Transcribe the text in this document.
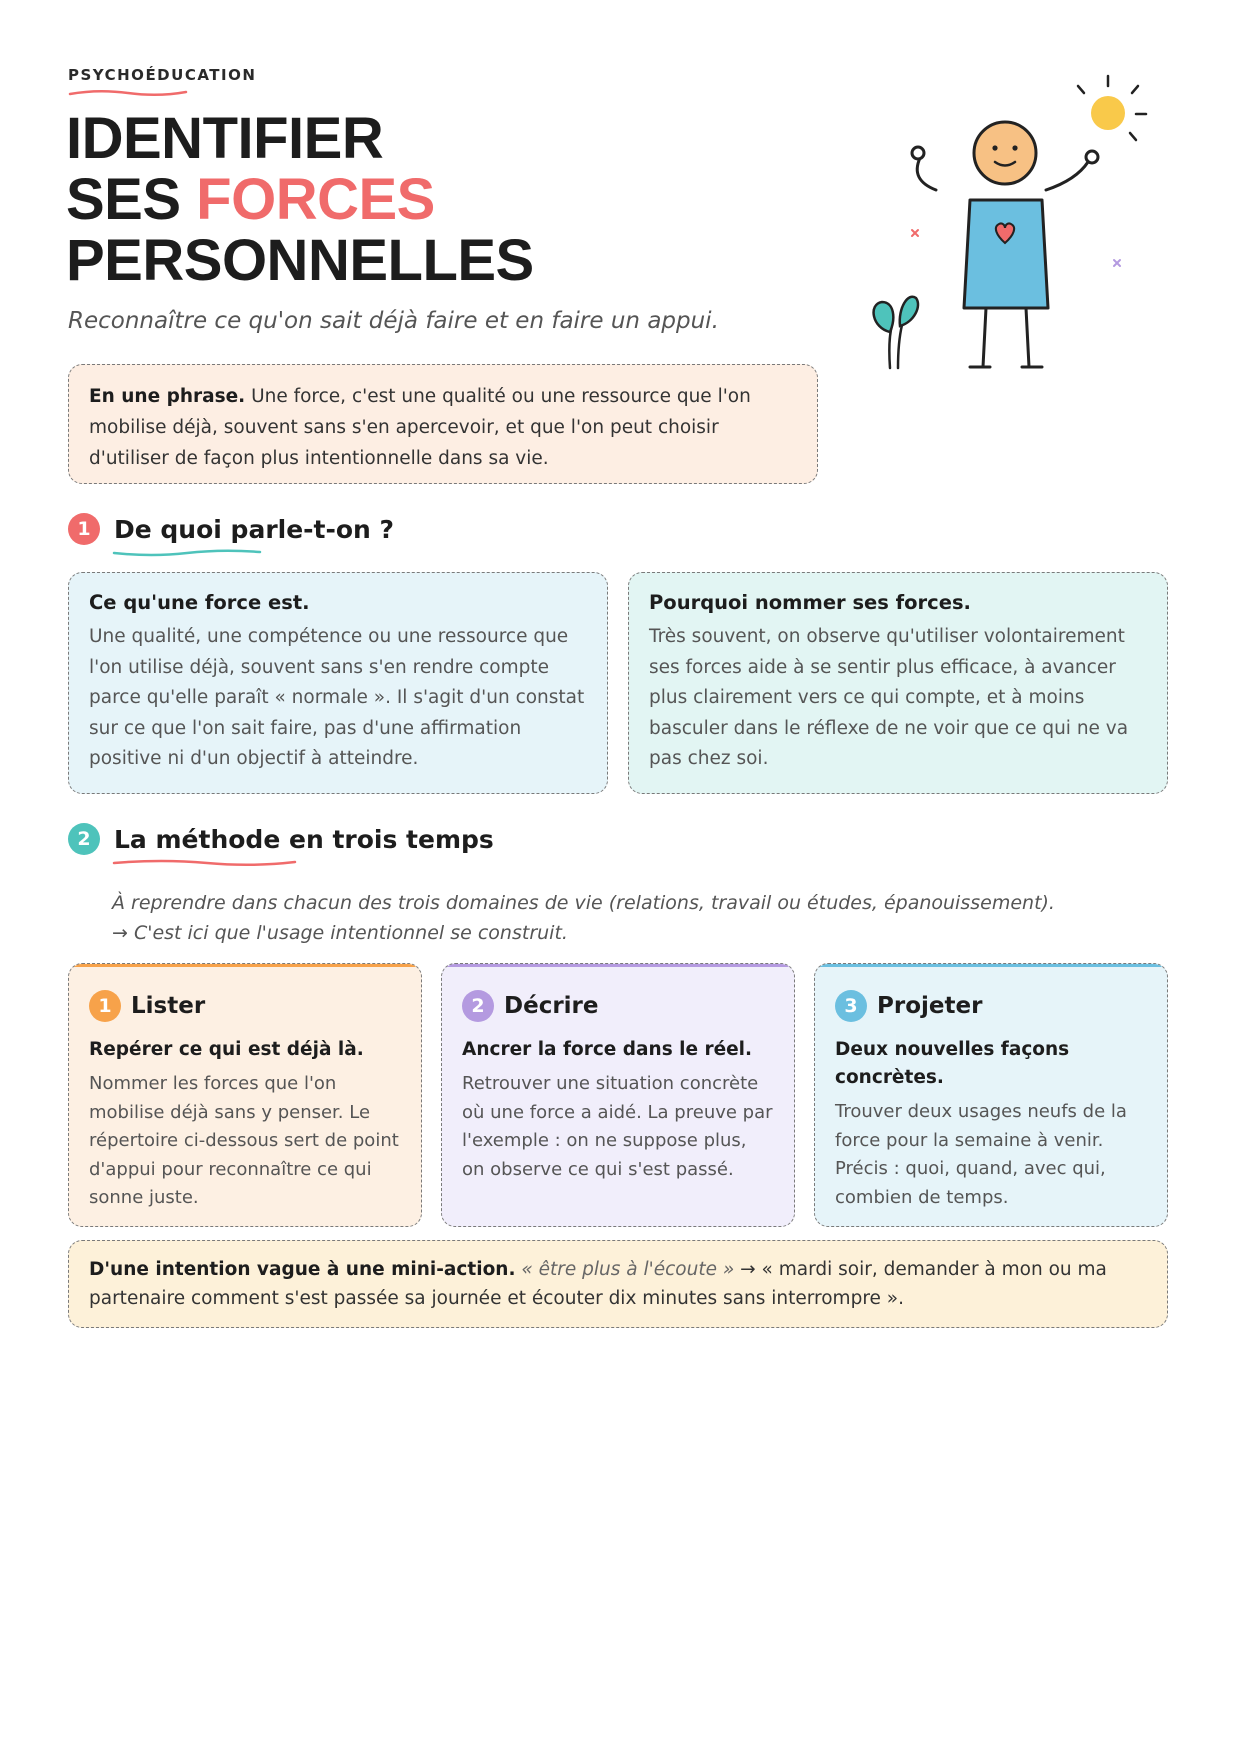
PSYCHOÉDUCATION
IDENTIFIER
SES FORCES
PERSONNELLES
Reconnaître ce qu'on sait déjà faire et en faire un appui.
En une phrase. Une force, c'est une qualité ou une ressource que l'on mobilise déjà, souvent sans s'en apercevoir, et que l'on peut choisir d'utiliser de façon plus intentionnelle dans sa vie.
1 De quoi parle-t-on ?
Ce qu'une force est.
Une qualité, une compétence ou une ressource que l'on utilise déjà, souvent sans s'en rendre compte parce qu'elle paraît « normale ». Il s'agit d'un constat sur ce que l'on sait faire, pas d'une affirmation positive ni d'un objectif à atteindre.
Pourquoi nommer ses forces.
Très souvent, on observe qu'utiliser volontairement ses forces aide à se sentir plus efficace, à avancer plus clairement vers ce qui compte, et à moins basculer dans le réflexe de ne voir que ce qui ne va pas chez soi.
2 La méthode en trois temps
À reprendre dans chacun des trois domaines de vie (relations, travail ou études, épanouissement).
→ C'est ici que l'usage intentionnel se construit.
1 Lister
Repérer ce qui est déjà là.
Nommer les forces que l'on mobilise déjà sans y penser. Le répertoire ci-dessous sert de point d'appui pour reconnaître ce qui sonne juste.
2 Décrire
Ancrer la force dans le réel.
Retrouver une situation concrète où une force a aidé. La preuve par l'exemple : on ne suppose plus, on observe ce qui s'est passé.
3 Projeter
Deux nouvelles façons concrètes.
Trouver deux usages neufs de la force pour la semaine à venir. Précis : quoi, quand, avec qui, combien de temps.
D'une intention vague à une mini-action. « être plus à l'écoute » → « mardi soir, demander à mon ou ma partenaire comment s'est passée sa journée et écouter dix minutes sans interrompre ».
